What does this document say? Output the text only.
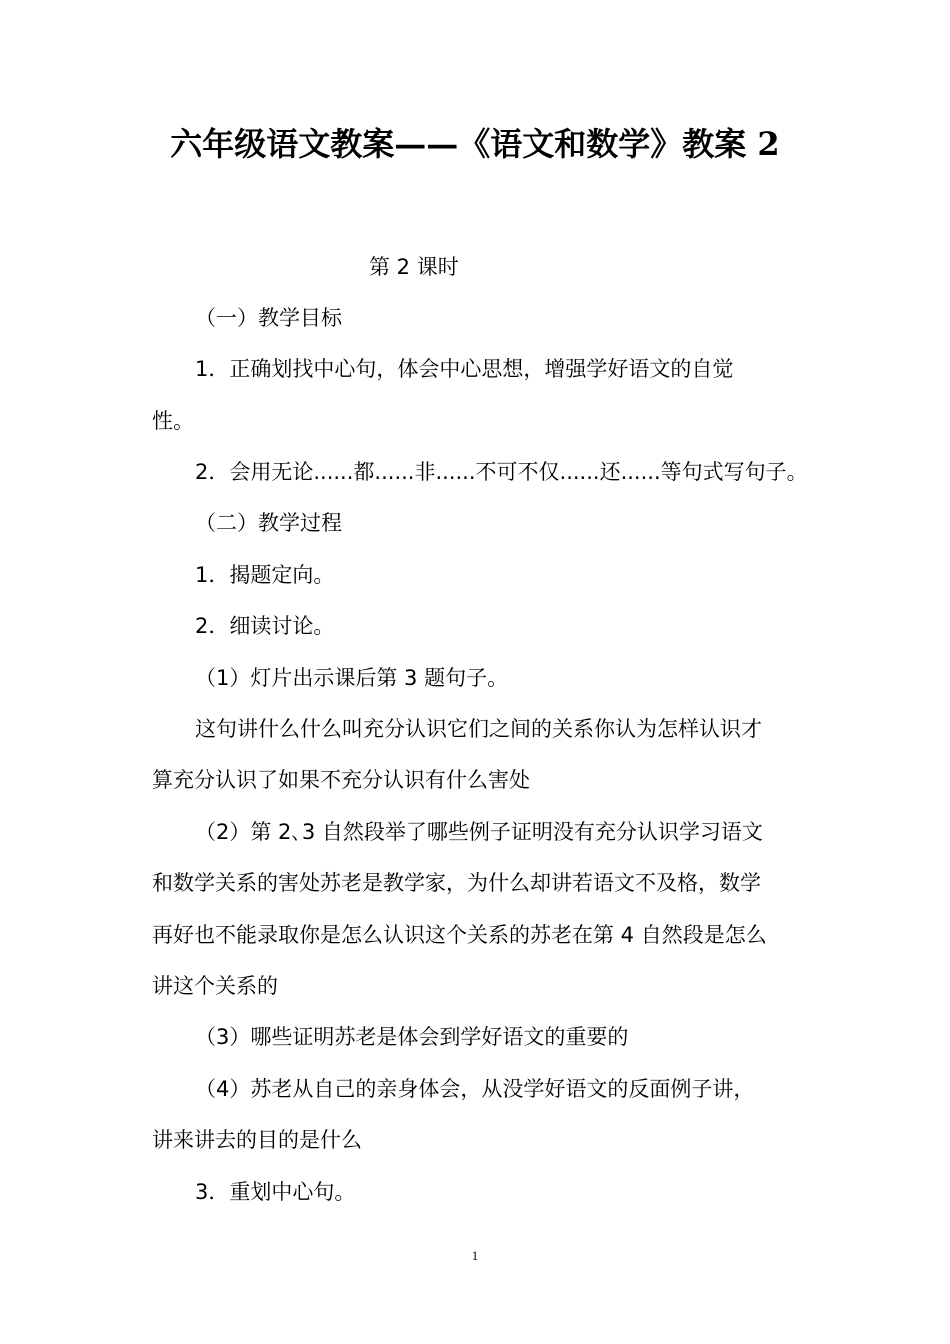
六年级语文教案——《语文和数学》教案 2
第 2 课时
（一）教学目标
1．正确划找中心句，体会中心思想，增强学好语文的自觉
性。
2．会用无论......都......非......不可不仅......还......等句式写句子。
（二）教学过程
1．揭题定向。
2．细读讨论。
（1）灯片出示课后第 3 题句子。
这句讲什么什么叫充分认识它们之间的关系你认为怎样认识才
算充分认识了如果不充分认识有什么害处
（2）第 2､3 自然段举了哪些例子证明没有充分认识学习语文
和数学关系的害处苏老是教学家，为什么却讲若语文不及格，数学
再好也不能录取你是怎么认识这个关系的苏老在第 4 自然段是怎么
讲这个关系的
（3）哪些证明苏老是体会到学好语文的重要的
（4）苏老从自己的亲身体会，从没学好语文的反面例子讲，
讲来讲去的目的是什么
3．重划中心句。
1
